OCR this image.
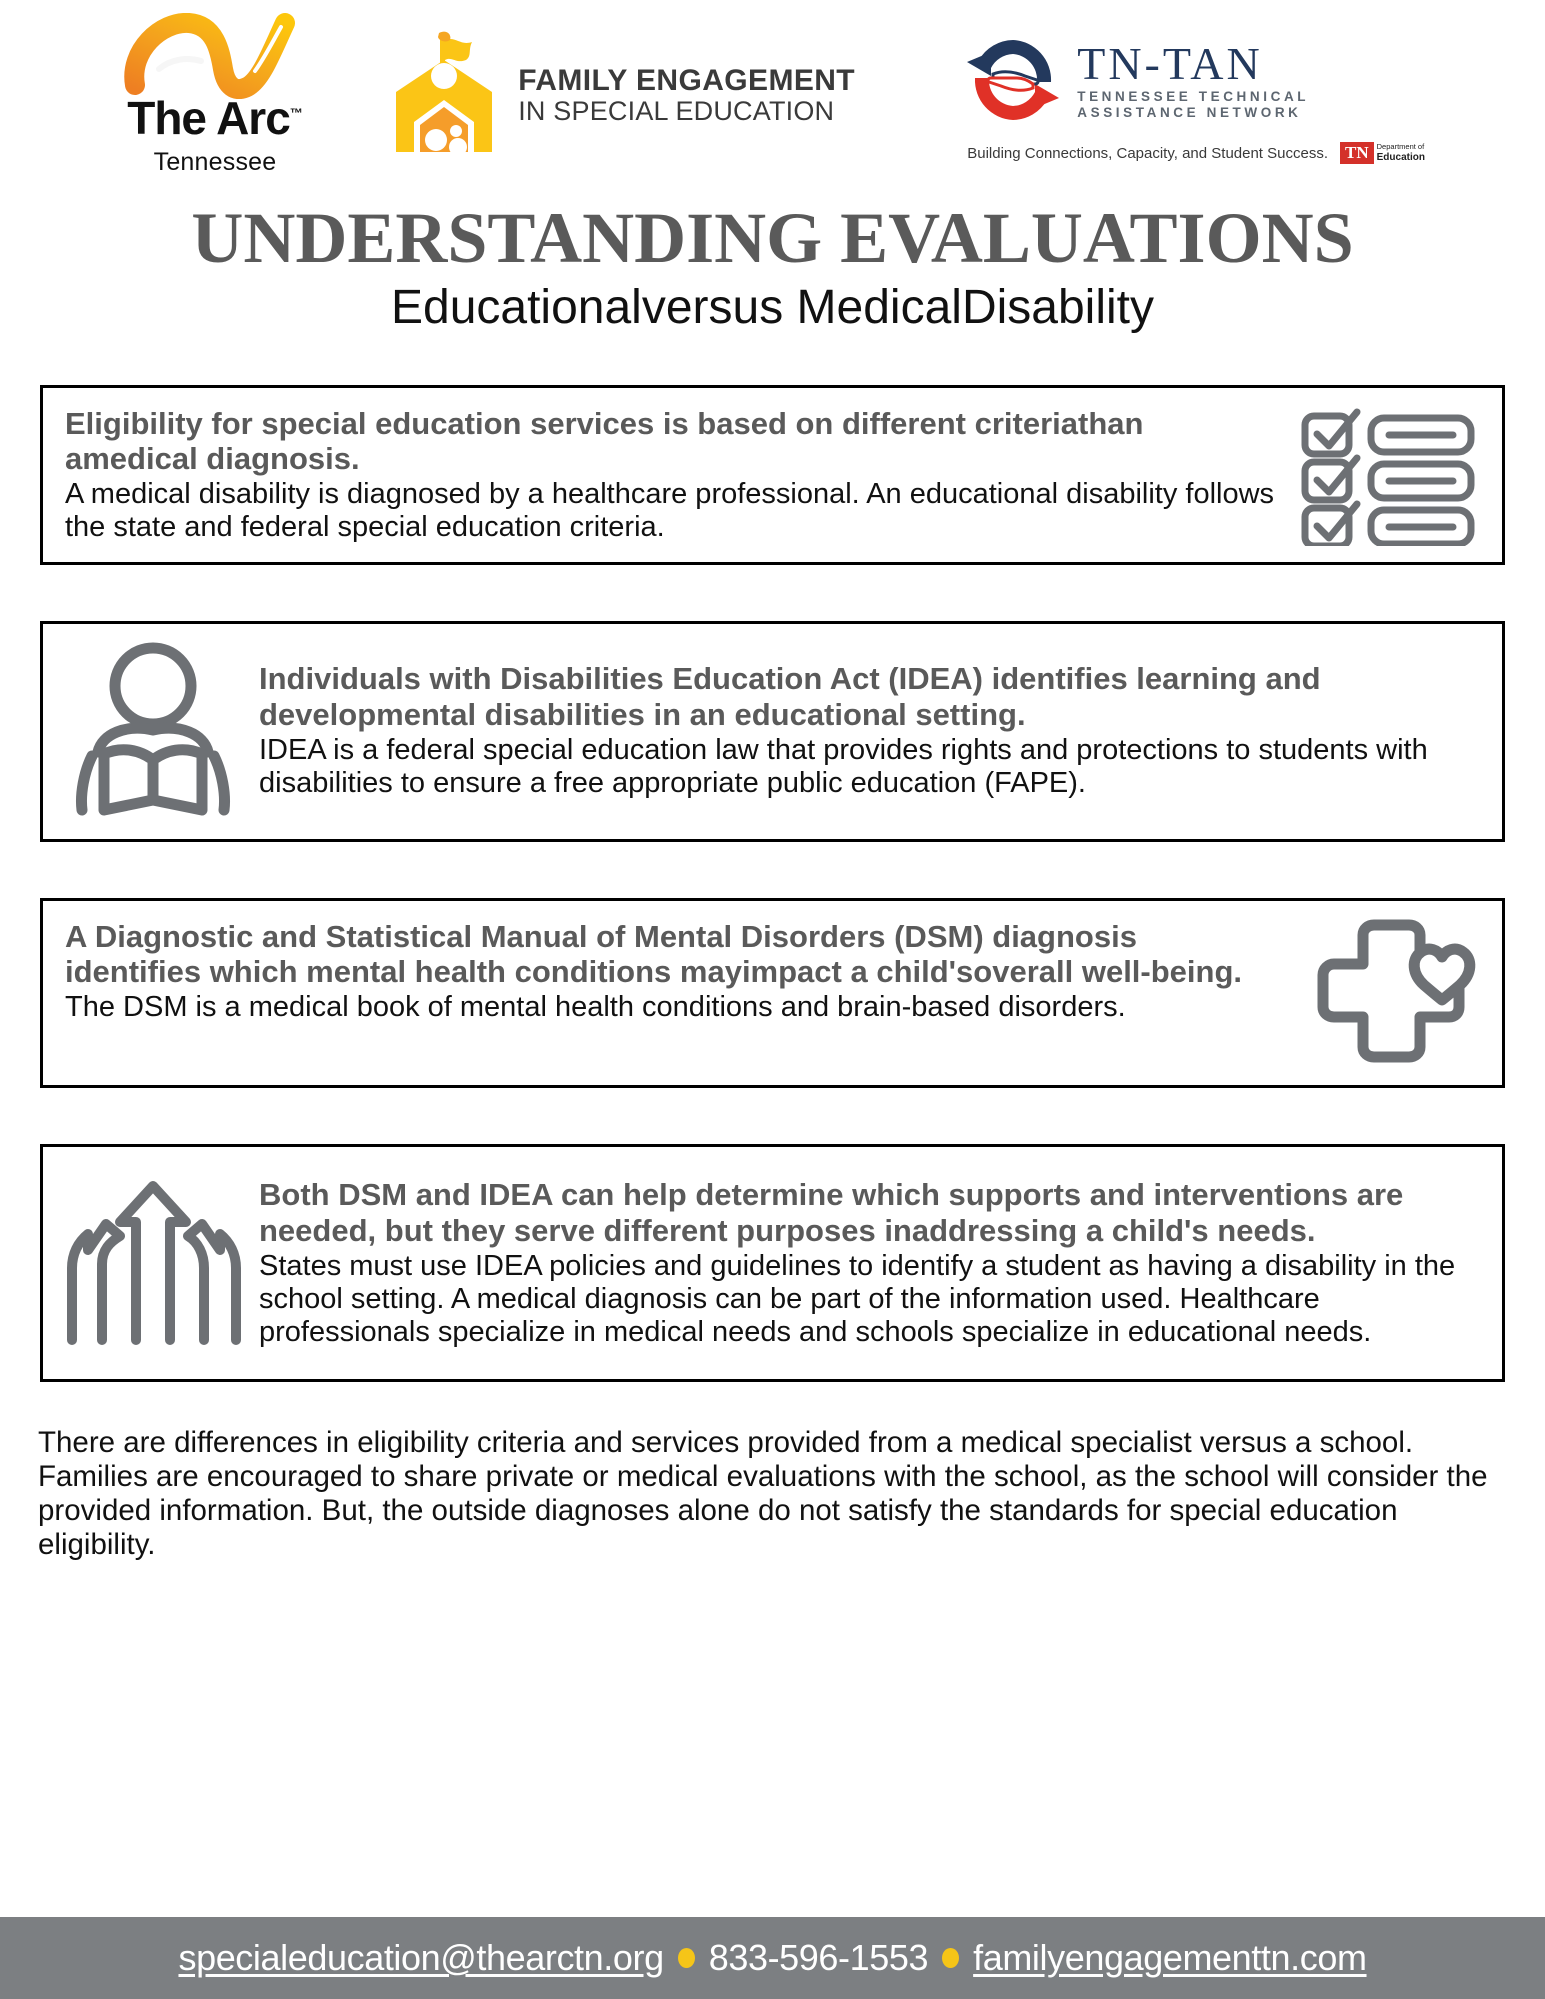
The Arc™
Tennessee
FAMILY ENGAGEMENT
IN SPECIAL EDUCATION
TN-TAN
TENNESSEE TECHNICAL
ASSISTANCE NETWORK
Building Connections, Capacity, and Student Success. TN	Department of
Education
UNDERSTANDING EVALUATIONS
Educationalversus MedicalDisability

Eligibility for special education services is based on different criteriathan amedical diagnosis.

A medical disability is diagnosed by a healthcare professional. An educational disability follows the state and federal special education criteria.

Individuals with Disabilities Education Act (IDEA) identifies learning and developmental disabilities in an educational setting.

IDEA is a federal special education law that provides rights and protections to students with disabilities to ensure a free appropriate public education (FAPE).

A Diagnostic and Statistical Manual of Mental Disorders (DSM) diagnosis identifies which mental health conditions mayimpact a child'soverall well-being.

The DSM is a medical book of mental health conditions and brain-based disorders.

Both DSM and IDEA can help determine which supports and interventions are needed, but they serve different purposes inaddressing a child's needs.

States must use IDEA policies and guidelines to identify a student as having a disability in the school setting. A medical diagnosis can be part of the information used. Healthcare professionals specialize in medical needs and schools specialize in educational needs.

There are differences in eligibility criteria and services provided from a medical specialist versus a school. Families are encouraged to share private or medical evaluations with the school, as the school will consider the provided information. But, the outside diagnoses alone do not satisfy the standards for special education eligibility.

specialeducation@thearctn.org 833-596-1553 familyengagementtn.com
